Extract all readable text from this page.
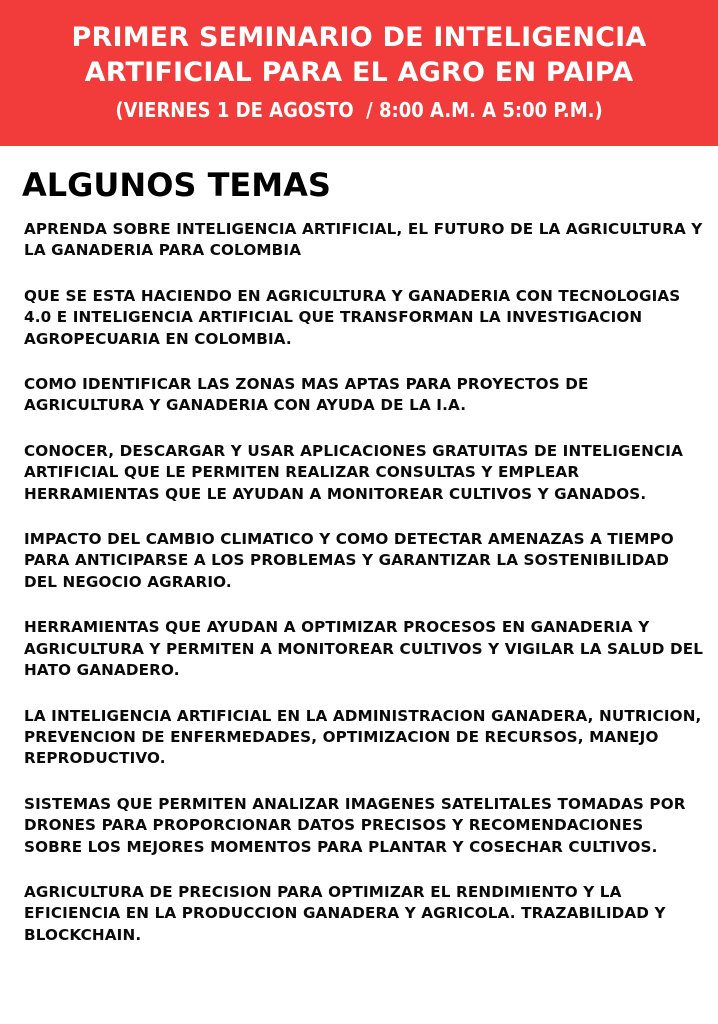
PRIMER SEMINARIO DE INTELIGENCIA
ARTIFICIAL PARA EL AGRO EN PAIPA
(VIERNES 1 DE AGOSTO  / 8:00 A.M. A 5:00 P.M.)
ALGUNOS TEMAS
APRENDA SOBRE INTELIGENCIA ARTIFICIAL, EL FUTURO DE LA AGRICULTURA Y LA GANADERIA PARA COLOMBIA
QUE SE ESTA HACIENDO EN AGRICULTURA Y GANADERIA CON TECNOLOGIAS 4.0 E INTELIGENCIA ARTIFICIAL QUE TRANSFORMAN LA INVESTIGACION AGROPECUARIA EN COLOMBIA.
COMO IDENTIFICAR LAS ZONAS MAS APTAS PARA PROYECTOS DE AGRICULTURA Y GANADERIA CON AYUDA DE LA I.A.
CONOCER, DESCARGAR Y USAR APLICACIONES GRATUITAS DE INTELIGENCIA ARTIFICIAL QUE LE PERMITEN REALIZAR CONSULTAS Y EMPLEAR HERRAMIENTAS QUE LE AYUDAN A MONITOREAR CULTIVOS Y GANADOS.
IMPACTO DEL CAMBIO CLIMATICO Y COMO DETECTAR AMENAZAS A TIEMPO PARA ANTICIPARSE A LOS PROBLEMAS Y GARANTIZAR LA SOSTENIBILIDAD DEL NEGOCIO AGRARIO.
HERRAMIENTAS QUE AYUDAN A OPTIMIZAR PROCESOS EN GANADERIA Y AGRICULTURA Y PERMITEN A MONITOREAR CULTIVOS Y VIGILAR LA SALUD DEL HATO GANADERO.
LA INTELIGENCIA ARTIFICIAL EN LA ADMINISTRACION GANADERA, NUTRICION, PREVENCION DE ENFERMEDADES, OPTIMIZACION DE RECURSOS, MANEJO REPRODUCTIVO.
SISTEMAS QUE PERMITEN ANALIZAR IMAGENES SATELITALES TOMADAS POR DRONES PARA PROPORCIONAR DATOS PRECISOS Y RECOMENDACIONES SOBRE LOS MEJORES MOMENTOS PARA PLANTAR Y COSECHAR CULTIVOS.
AGRICULTURA DE PRECISION PARA OPTIMIZAR EL RENDIMIENTO Y LA EFICIENCIA EN LA PRODUCCION GANADERA Y AGRICOLA. TRAZABILIDAD Y BLOCKCHAIN.
